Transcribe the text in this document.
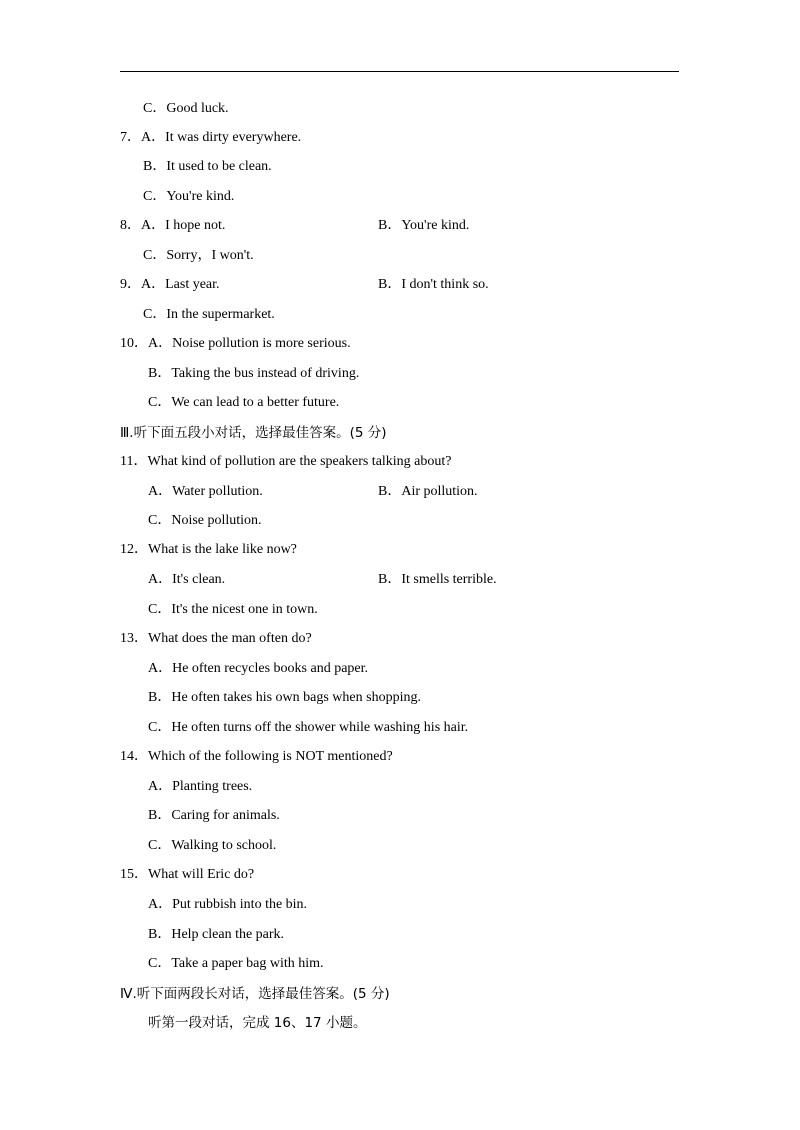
C．Good luck.
7．A．It was dirty everywhere.
B．It used to be clean.
C．You're kind.
8．A．I hope not.	B．You're kind.
C．Sorry，I won't.
9．A．Last year.	B．I don't think so.
C．In the supermarket.
10．A．Noise pollution is more serious.
B．Taking the bus instead of driving.
C．We can lead to a better future.
Ⅲ.听下面五段小对话，选择最佳答案。(5 分)
11．What kind of pollution are the speakers talking about?
A．Water pollution.	B．Air pollution.
C．Noise pollution.
12．What is the lake like now?
A．It's clean.	B．It smells terrible.
C．It's the nicest one in town.
13．What does the man often do?
A．He often recycles books and paper.
B．He often takes his own bags when shopping.
C．He often turns off the shower while washing his hair.
14．Which of the following is NOT mentioned?
A．Planting trees.
B．Caring for animals.
C．Walking to school.
15．What will Eric do?
A．Put rubbish into the bin.
B．Help clean the park.
C．Take a paper bag with him.
Ⅳ.听下面两段长对话，选择最佳答案。(5 分)
听第一段对话，完成 16、17 小题。
